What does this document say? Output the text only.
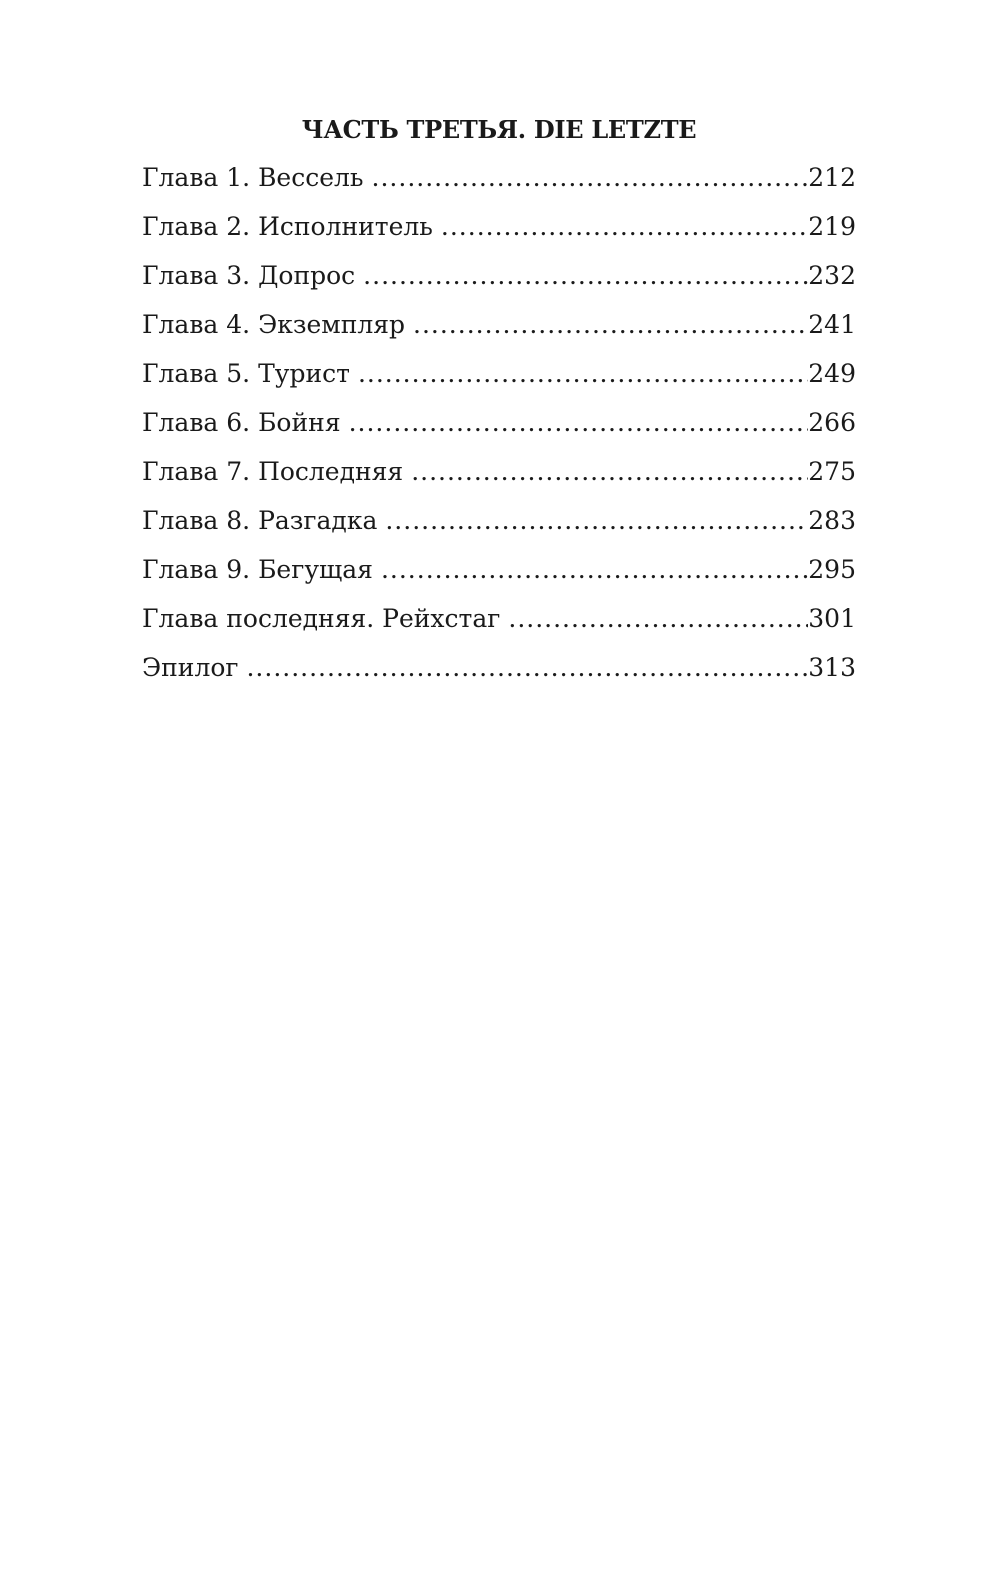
ЧАСТЬ ТРЕТЬЯ. DIE LETZTE
Глава 1. Вессель .....	212
Глава 2. Исполнитель .....	219
Глава 3. Допрос .....	232
Глава 4. Экземпляр .....	241
Глава 5. Турист .....	249
Глава 6. Бойня .....	266
Глава 7. Последняя .....	275
Глава 8. Разгадка .....	283
Глава 9. Бегущая .....	295
Глава последняя. Рейхстаг .....	301
Эпилог .....	313
